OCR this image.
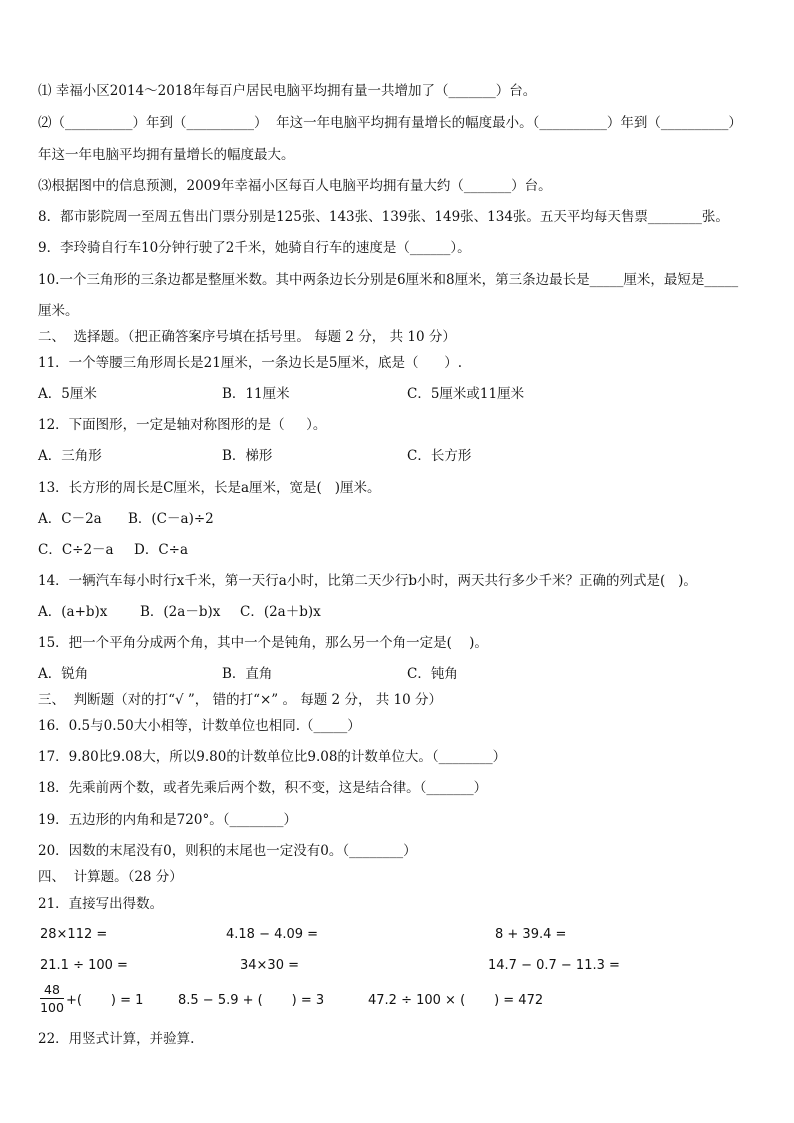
⑴ 幸福小区2014～2018年每百户居民电脑平均拥有量一共增加了（_______）台。
⑵（__________）年到（__________）  年这一年电脑平均拥有量增长的幅度最小。（__________）年到（__________）
年这一年电脑平均拥有量增长的幅度最大。
⑶根据图中的信息预测，2009年幸福小区每百人电脑平均拥有量大约（_______）台。
8．都市影院周一至周五售出门票分别是125张、143张、139张、149张、134张。五天平均每天售票________张。
9．李玲骑自行车10分钟行驶了2千米，她骑自行车的速度是（______）。
10.一个三角形的三条边都是整厘米数。其中两条边长分别是6厘米和8厘米，第三条边最长是_____厘米，最短是_____
厘米。
二、  选择题。（把正确答案序号填在括号里。 每题 2 分， 共 10 分）
11．一个等腰三角形周长是21厘米，一条边长是5厘米，底是（      ）.
A．5厘米	B．11厘米	C．5厘米或11厘米
12．下面图形，一定是轴对称图形的是（     ）。
A．三角形	B．梯形	C．长方形
13．长方形的周长是C厘米，长是a厘米，宽是(   )厘米。
A．C－2a B．(C－a)÷2
C．C÷2－a D．C÷a
14．一辆汽车每小时行x千米，第一天行a小时，比第二天少行b小时，两天共行多少千米？正确的列式是(   )。
A．(a+b)x B．(2a－b)x C．(2a＋b)x
15．把一个平角分成两个角，其中一个是钝角，那么另一个角一定是(    )。
A．锐角	B．直角	C．钝角
三、  判断题（对的打“√ ”， 错的打“×” 。 每题 2 分， 共 10 分）
16．0.5与0.50大小相等，计数单位也相同.（_____）
17．9.80比9.08大，所以9.80的计数单位比9.08的计数单位大。（________）
18．先乘前两个数，或者先乘后两个数，积不变，这是结合律。（_______）
19．五边形的内角和是720°。（________）
20．因数的末尾没有0，则积的末尾也一定没有0。（________）
四、  计算题。（28 分）
21．直接写出得数。
28×112 =	4.18 − 4.09 =	8 + 39.4 =
21.1 ÷ 100 =	34×30 =	14.7 − 0.7 − 11.3 =
$\frac{48}{100}$ +(       ) = 1	8.5 − 5.9 + (       ) = 3	47.2 ÷ 100 × (       ) = 472
22．用竖式计算，并验算.
